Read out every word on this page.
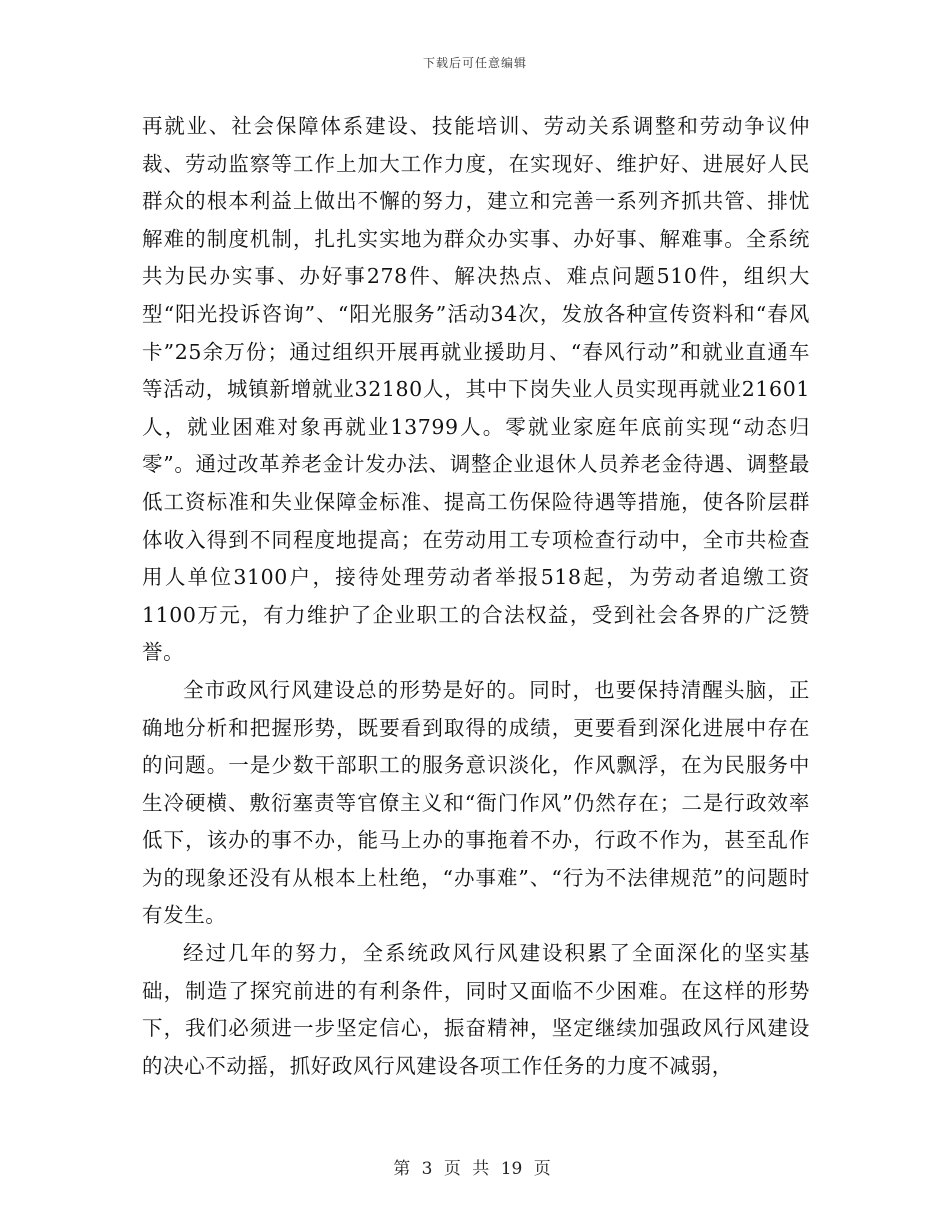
下载后可任意编辑

再就业、社会保障体系建设、技能培训、劳动关系调整和劳动争议仲裁、劳动监察等工作上加大工作力度，在实现好、维护好、进展好人民群众的根本利益上做出不懈的努力，建立和完善一系列齐抓共管、排忧解难的制度机制，扎扎实实地为群众办实事、办好事、解难事。全系统共为民办实事、办好事278件、解决热点、难点问题510件，组织大型“阳光投诉咨询”、“阳光服务”活动34次，发放各种宣传资料和“春风卡”25余万份；通过组织开展再就业援助月、“春风行动”和就业直通车等活动，城镇新增就业32180人，其中下岗失业人员实现再就业21601人，就业困难对象再就业13799人。零就业家庭年底前实现“动态归零”。通过改革养老金计发办法、调整企业退休人员养老金待遇、调整最低工资标准和失业保障金标准、提高工伤保险待遇等措施，使各阶层群体收入得到不同程度地提高；在劳动用工专项检查行动中，全市共检查用人单位3100户，接待处理劳动者举报518起，为劳动者追缴工资1100万元，有力维护了企业职工的合法权益，受到社会各界的广泛赞誉。

全市政风行风建设总的形势是好的。同时，也要保持清醒头脑，正确地分析和把握形势，既要看到取得的成绩，更要看到深化进展中存在的问题。一是少数干部职工的服务意识淡化，作风飘浮，在为民服务中生冷硬横、敷衍塞责等官僚主义和“衙门作风”仍然存在；二是行政效率低下，该办的事不办，能马上办的事拖着不办，行政不作为，甚至乱作为的现象还没有从根本上杜绝，“办事难”、“行为不法律规范”的问题时有发生。

经过几年的努力，全系统政风行风建设积累了全面深化的坚实基础，制造了探究前进的有利条件，同时又面临不少困难。在这样的形势下，我们必须进一步坚定信心，振奋精神，坚定继续加强政风行风建设的决心不动摇，抓好政风行风建设各项工作任务的力度不减弱，

第 3 页 共 19 页
